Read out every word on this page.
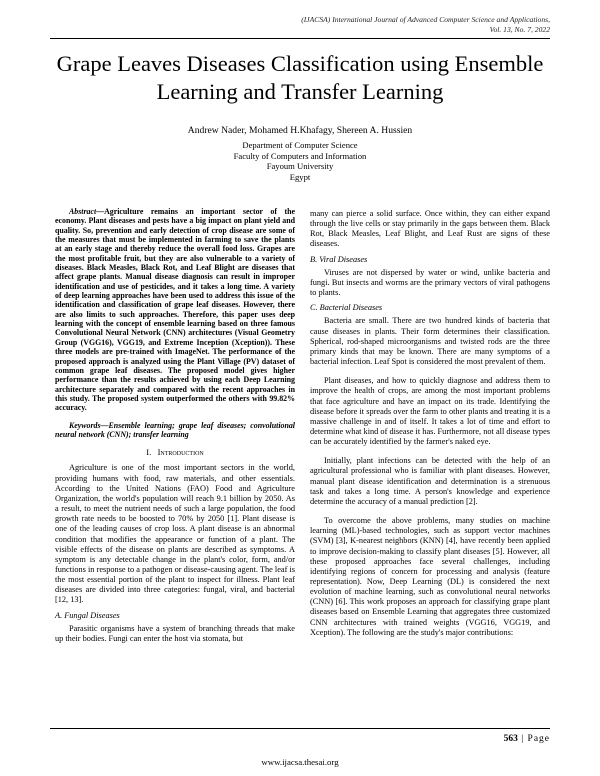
(IJACSA) International Journal of Advanced Computer Science and Applications,
Vol. 13, No. 7, 2022
Grape Leaves Diseases Classification using Ensemble
Learning and Transfer Learning
Andrew Nader, Mohamed H.Khafagy, Shereen A. Hussien
Department of Computer Science
Faculty of Computers and Information
Fayoum University
Egypt

Abstract—Agriculture remains an important sector of the economy. Plant diseases and pests have a big impact on plant yield and quality. So, prevention and early detection of crop disease are some of the measures that must be implemented in farming to save the plants at an early stage and thereby reduce the overall food loss. Grapes are the most profitable fruit, but they are also vulnerable to a variety of diseases. Black Measles, Black Rot, and Leaf Blight are diseases that affect grape plants. Manual disease diagnosis can result in improper identification and use of pesticides, and it takes a long time. A variety of deep learning approaches have been used to address this issue of the identification and classification of grape leaf diseases. However, there are also limits to such approaches. Therefore, this paper uses deep learning with the concept of ensemble learning based on three famous Convolutional Neural Network (CNN) architectures (Visual Geometry Group (VGG16), VGG19, and Extreme Inception (Xception)). These three models are pre-trained with ImageNet. The performance of the proposed approach is analyzed using the Plant Village (PV) dataset of common grape leaf diseases. The proposed model gives higher performance than the results achieved by using each Deep Learning architecture separately and compared with the recent approaches in this study. The proposed system outperformed the others with 99.82% accuracy.

Keywords—Ensemble learning; grape leaf diseases; convolutional neural network (CNN); transfer learning

I. Introduction

Agriculture is one of the most important sectors in the world, providing humans with food, raw materials, and other essentials. According to the United Nations (FAO) Food and Agriculture Organization, the world's population will reach 9.1 billion by 2050. As a result, to meet the nutrient needs of such a large population, the food growth rate needs to be boosted to 70% by 2050 [1]. Plant disease is one of the leading causes of crop loss. A plant disease is an abnormal condition that modifies the appearance or function of a plant. The visible effects of the disease on plants are described as symptoms. A symptom is any detectable change in the plant's color, form, and/or functions in response to a pathogen or disease-causing agent. The leaf is the most essential portion of the plant to inspect for illness. Plant leaf diseases are divided into three categories: fungal, viral, and bacterial [12, 13].

A. Fungal Diseases

Parasitic organisms have a system of branching threads that make up their bodies. Fungi can enter the host via stomata, but

many can pierce a solid surface. Once within, they can either expand through the live cells or stay primarily in the gaps between them. Black Rot, Black Measles, Leaf Blight, and Leaf Rust are signs of these diseases.

B. Viral Diseases

Viruses are not dispersed by water or wind, unlike bacteria and fungi. But insects and worms are the primary vectors of viral pathogens to plants.

C. Bacterial Diseases

Bacteria are small. There are two hundred kinds of bacteria that cause diseases in plants. Their form determines their classification. Spherical, rod-shaped microorganisms and twisted rods are the three primary kinds that may be known. There are many symptoms of a bacterial infection. Leaf Spot is considered the most prevalent of them.

Plant diseases, and how to quickly diagnose and address them to improve the health of crops, are among the most important problems that face agriculture and have an impact on its trade. Identifying the disease before it spreads over the farm to other plants and treating it is a massive challenge in and of itself. It takes a lot of time and effort to determine what kind of disease it has. Furthermore, not all disease types can be accurately identified by the farmer's naked eye.

Initially, plant infections can be detected with the help of an agricultural professional who is familiar with plant diseases. However, manual plant disease identification and determination is a strenuous task and takes a long time. A person's knowledge and experience determine the accuracy of a manual prediction [2].

To overcome the above problems, many studies on machine learning (ML)-based technologies, such as support vector machines (SVM) [3], K-nearest neighbors (KNN) [4], have recently been applied to improve decision-making to classify plant diseases [5]. However, all these proposed approaches face several challenges, including identifying regions of concern for processing and analysis (feature representation). Now, Deep Learning (DL) is considered the next evolution of machine learning, such as convolutional neural networks (CNN) [6]. This work proposes an approach for classifying grape plant diseases based on Ensemble Learning that aggregates three customized CNN architectures with trained weights (VGG16, VGG19, and Xception). The following are the study's major contributions:

563 | Page
www.ijacsa.thesai.org
